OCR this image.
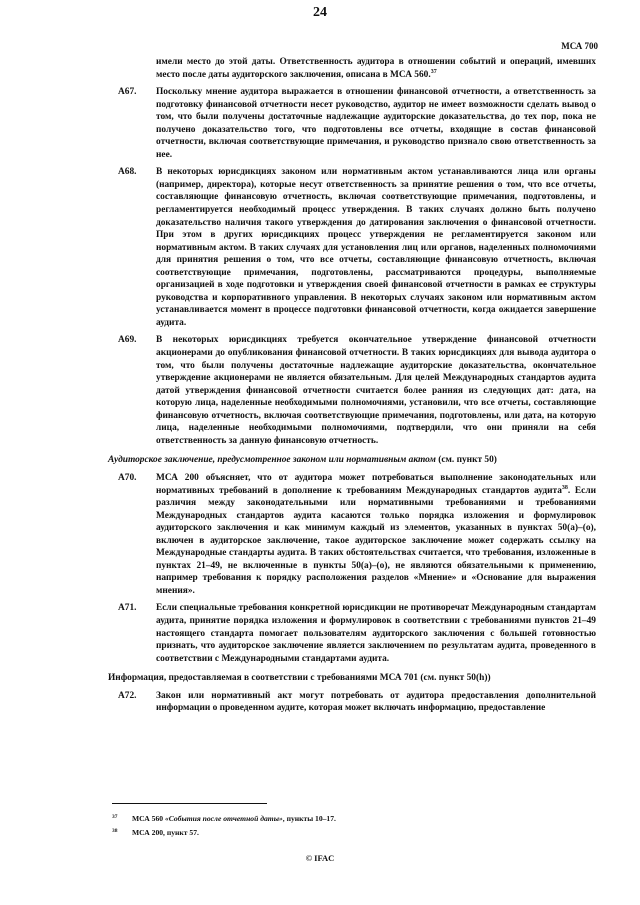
24
МСА 700
имели место до этой даты. Ответственность аудитора в отношении событий и операций, имевших место после даты аудиторского заключения, описана в МСА 560.37
A67. Поскольку мнение аудитора выражается в отношении финансовой отчетности, а ответственность за подготовку финансовой отчетности несет руководство, аудитор не имеет возможности сделать вывод о том, что были получены достаточные надлежащие аудиторские доказательства, до тех пор, пока не получено доказательство того, что подготовлены все отчеты, входящие в состав финансовой отчетности, включая соответствующие примечания, и руководство признало свою ответственность за нее.
A68. В некоторых юрисдикциях законом или нормативным актом устанавливаются лица или органы (например, директора), которые несут ответственность за принятие решения о том, что все отчеты, составляющие финансовую отчетность, включая соответствующие примечания, подготовлены, и регламентируется необходимый процесс утверждения. В таких случаях должно быть получено доказательство наличия такого утверждения до датирования заключения о финансовой отчетности. При этом в других юрисдикциях процесс утверждения не регламентируется законом или нормативным актом. В таких случаях для установления лиц или органов, наделенных полномочиями для принятия решения о том, что все отчеты, составляющие финансовую отчетность, включая соответствующие примечания, подготовлены, рассматриваются процедуры, выполняемые организацией в ходе подготовки и утверждения своей финансовой отчетности в рамках ее структуры руководства и корпоративного управления. В некоторых случаях законом или нормативным актом устанавливается момент в процессе подготовки финансовой отчетности, когда ожидается завершение аудита.
A69. В некоторых юрисдикциях требуется окончательное утверждение финансовой отчетности акционерами до опубликования финансовой отчетности. В таких юрисдикциях для вывода аудитора о том, что были получены достаточные надлежащие аудиторские доказательства, окончательное утверждение акционерами не является обязательным. Для целей Международных стандартов аудита датой утверждения финансовой отчетности считается более ранняя из следующих дат: дата, на которую лица, наделенные необходимыми полномочиями, установили, что все отчеты, составляющие финансовую отчетность, включая соответствующие примечания, подготовлены, или дата, на которую лица, наделенные необходимыми полномочиями, подтвердили, что они приняли на себя ответственность за данную финансовую отчетность.
Аудиторское заключение, предусмотренное законом или нормативным актом (см. пункт 50)
A70. МСА 200 объясняет, что от аудитора может потребоваться выполнение законодательных или нормативных требований в дополнение к требованиям Международных стандартов аудита$^{38}$. Если различия между законодательными или нормативными требованиями и требованиями Международных стандартов аудита касаются только порядка изложения и формулировок аудиторского заключения и как минимум каждый из элементов, указанных в пунктах 50(а)–(о), включен в аудиторское заключение, такое аудиторское заключение может содержать ссылку на Международные стандарты аудита. В таких обстоятельствах считается, что требования, изложенные в пунктах 21–49, не включенные в пункты 50(а)–(о), не являются обязательными к применению, например требования к порядку расположения разделов «Мнение» и «Основание для выражения мнения».
A71. Если специальные требования конкретной юрисдикции не противоречат Международным стандартам аудита, принятие порядка изложения и формулировок в соответствии с требованиями пунктов 21–49 настоящего стандарта помогает пользователям аудиторского заключения с большей готовностью признать, что аудиторское заключение является заключением по результатам аудита, проведенного в соответствии с Международными стандартами аудита.
Информация, предоставляемая в соответствии с требованиями МСА 701 (см. пункт 50(h))
A72. Закон или нормативный акт могут потребовать от аудитора предоставления дополнительной информации о проведенном аудите, которая может включать информацию, предоставление
37 МСА 560 «События после отчетной даты», пункты 10–17.
38 МСА 200, пункт 57.
© IFAC
